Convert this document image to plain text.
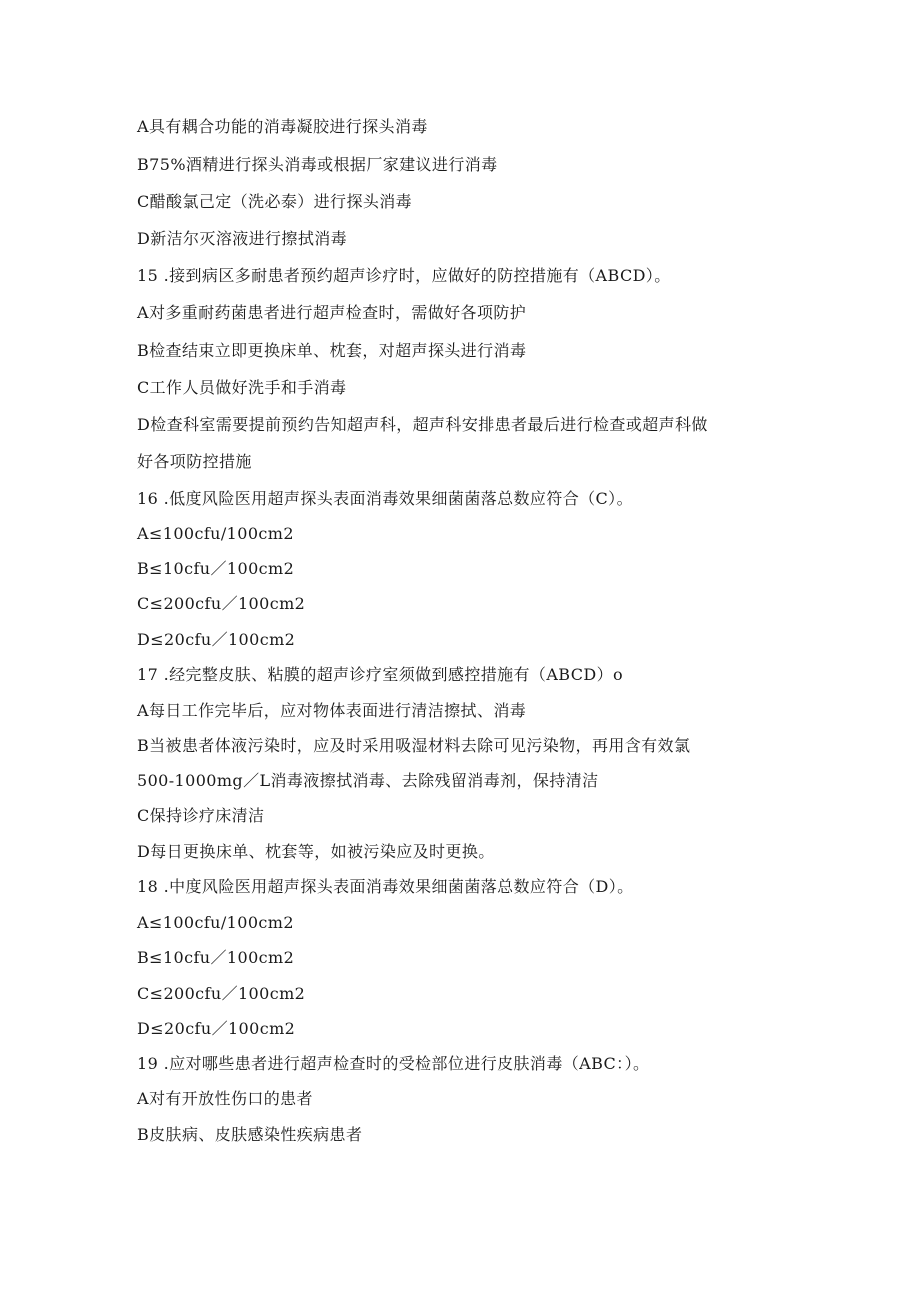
A具有耦合功能的消毒凝胶进行探头消毒
B75%酒精进行探头消毒或根据厂家建议进行消毒
C醋酸氯己定（洗必泰）进行探头消毒
D新洁尔灭溶液进行擦拭消毒
15 .接到病区多耐患者预约超声诊疗时，应做好的防控措施有（ABCD）。
A对多重耐药菌患者进行超声检查时，需做好各项防护
B检查结束立即更换床单、枕套，对超声探头进行消毒
C工作人员做好洗手和手消毒
D检查科室需要提前预约告知超声科，超声科安排患者最后进行检查或超声科做
好各项防控措施
16 .低度风险医用超声探头表面消毒效果细菌菌落总数应符合（C）。
A≤100cfu/100cm2
B≤10cfu／100cm2
C≤200cfu／100cm2
D≤20cfu／100cm2
17 .经完整皮肤、粘膜的超声诊疗室须做到感控措施有（ABCD）o
A每日工作完毕后，应对物体表面进行清洁擦拭、消毒
B当被患者体液污染时，应及时采用吸湿材料去除可见污染物，再用含有效氯
500-1000mg／L消毒液擦拭消毒、去除残留消毒剂，保持清洁
C保持诊疗床清洁
D每日更换床单、枕套等，如被污染应及时更换。
18 .中度风险医用超声探头表面消毒效果细菌菌落总数应符合（D）。
A≤100cfu/100cm2
B≤10cfu／100cm2
C≤200cfu／100cm2
D≤20cfu／100cm2
19 .应对哪些患者进行超声检查时的受检部位进行皮肤消毒（ABC：）。
A对有开放性伤口的患者
B皮肤病、皮肤感染性疾病患者
